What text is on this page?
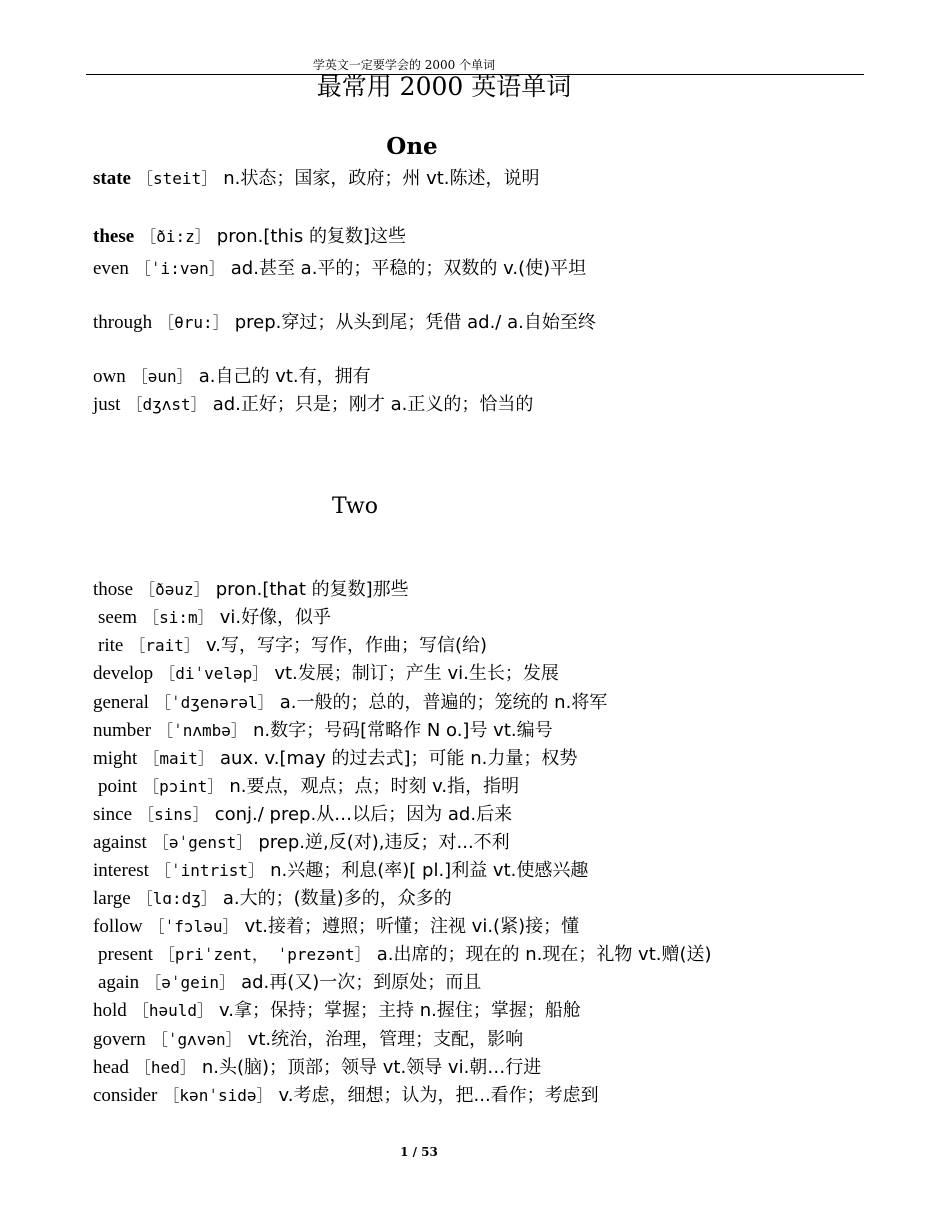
学英文一定要学会的 2000 个单词
最常用 2000 英语单词
One
state ［steit］ n.状态；国家，政府；州 vt.陈述，说明
these ［ði:z］ pron.[this 的复数]这些
even ［ˈi:vən］ ad.甚至 a.平的；平稳的；双数的 v.(使)平坦
through ［θru:］ prep.穿过；从头到尾；凭借 ad./ a.自始至终
own ［əun］ a.自己的 vt.有，拥有
just ［dʒʌst］ ad.正好；只是；刚才 a.正义的；恰当的
Two
those ［ðəuz］ pron.[that 的复数]那些
seem ［si:m］ vi.好像，似乎
rite ［rait］ v.写，写字；写作，作曲；写信(给)
develop ［diˈveləp］ vt.发展；制订；产生 vi.生长；发展
general ［ˈdʒenərəl］ a.一般的；总的，普遍的；笼统的 n.将军
number ［ˈnʌmbə］ n.数字；号码[常略作 N o.]号 vt.编号
might ［mait］ aux. v.[may 的过去式]；可能 n.力量；权势
point ［pɔint］ n.要点，观点；点；时刻 v.指，指明
since ［sins］ conj./ prep.从…以后；因为 ad.后来
against ［əˈgenst］ prep.逆,反(对),违反；对...不利
interest ［ˈintrist］ n.兴趣；利息(率)[ pl.]利益 vt.使感兴趣
large ［lɑ:dʒ］ a.大的；(数量)多的，众多的
follow ［ˈfɔləu］ vt.接着；遵照；听懂；注视 vi.(紧)接；懂
present ［priˈzent， ˈprezənt］ a.出席的；现在的 n.现在；礼物 vt.赠(送)
again ［əˈgein］ ad.再(又)一次；到原处；而且
hold ［həuld］ v.拿；保持；掌握；主持 n.握住；掌握；船舱
govern ［ˈgʌvən］ vt.统治，治理，管理；支配，影响
head ［hed］ n.头(脑)；顶部；领导 vt.领导 vi.朝…行进
consider ［kənˈsidə］ v.考虑，细想；认为，把...看作；考虑到
1 / 53
